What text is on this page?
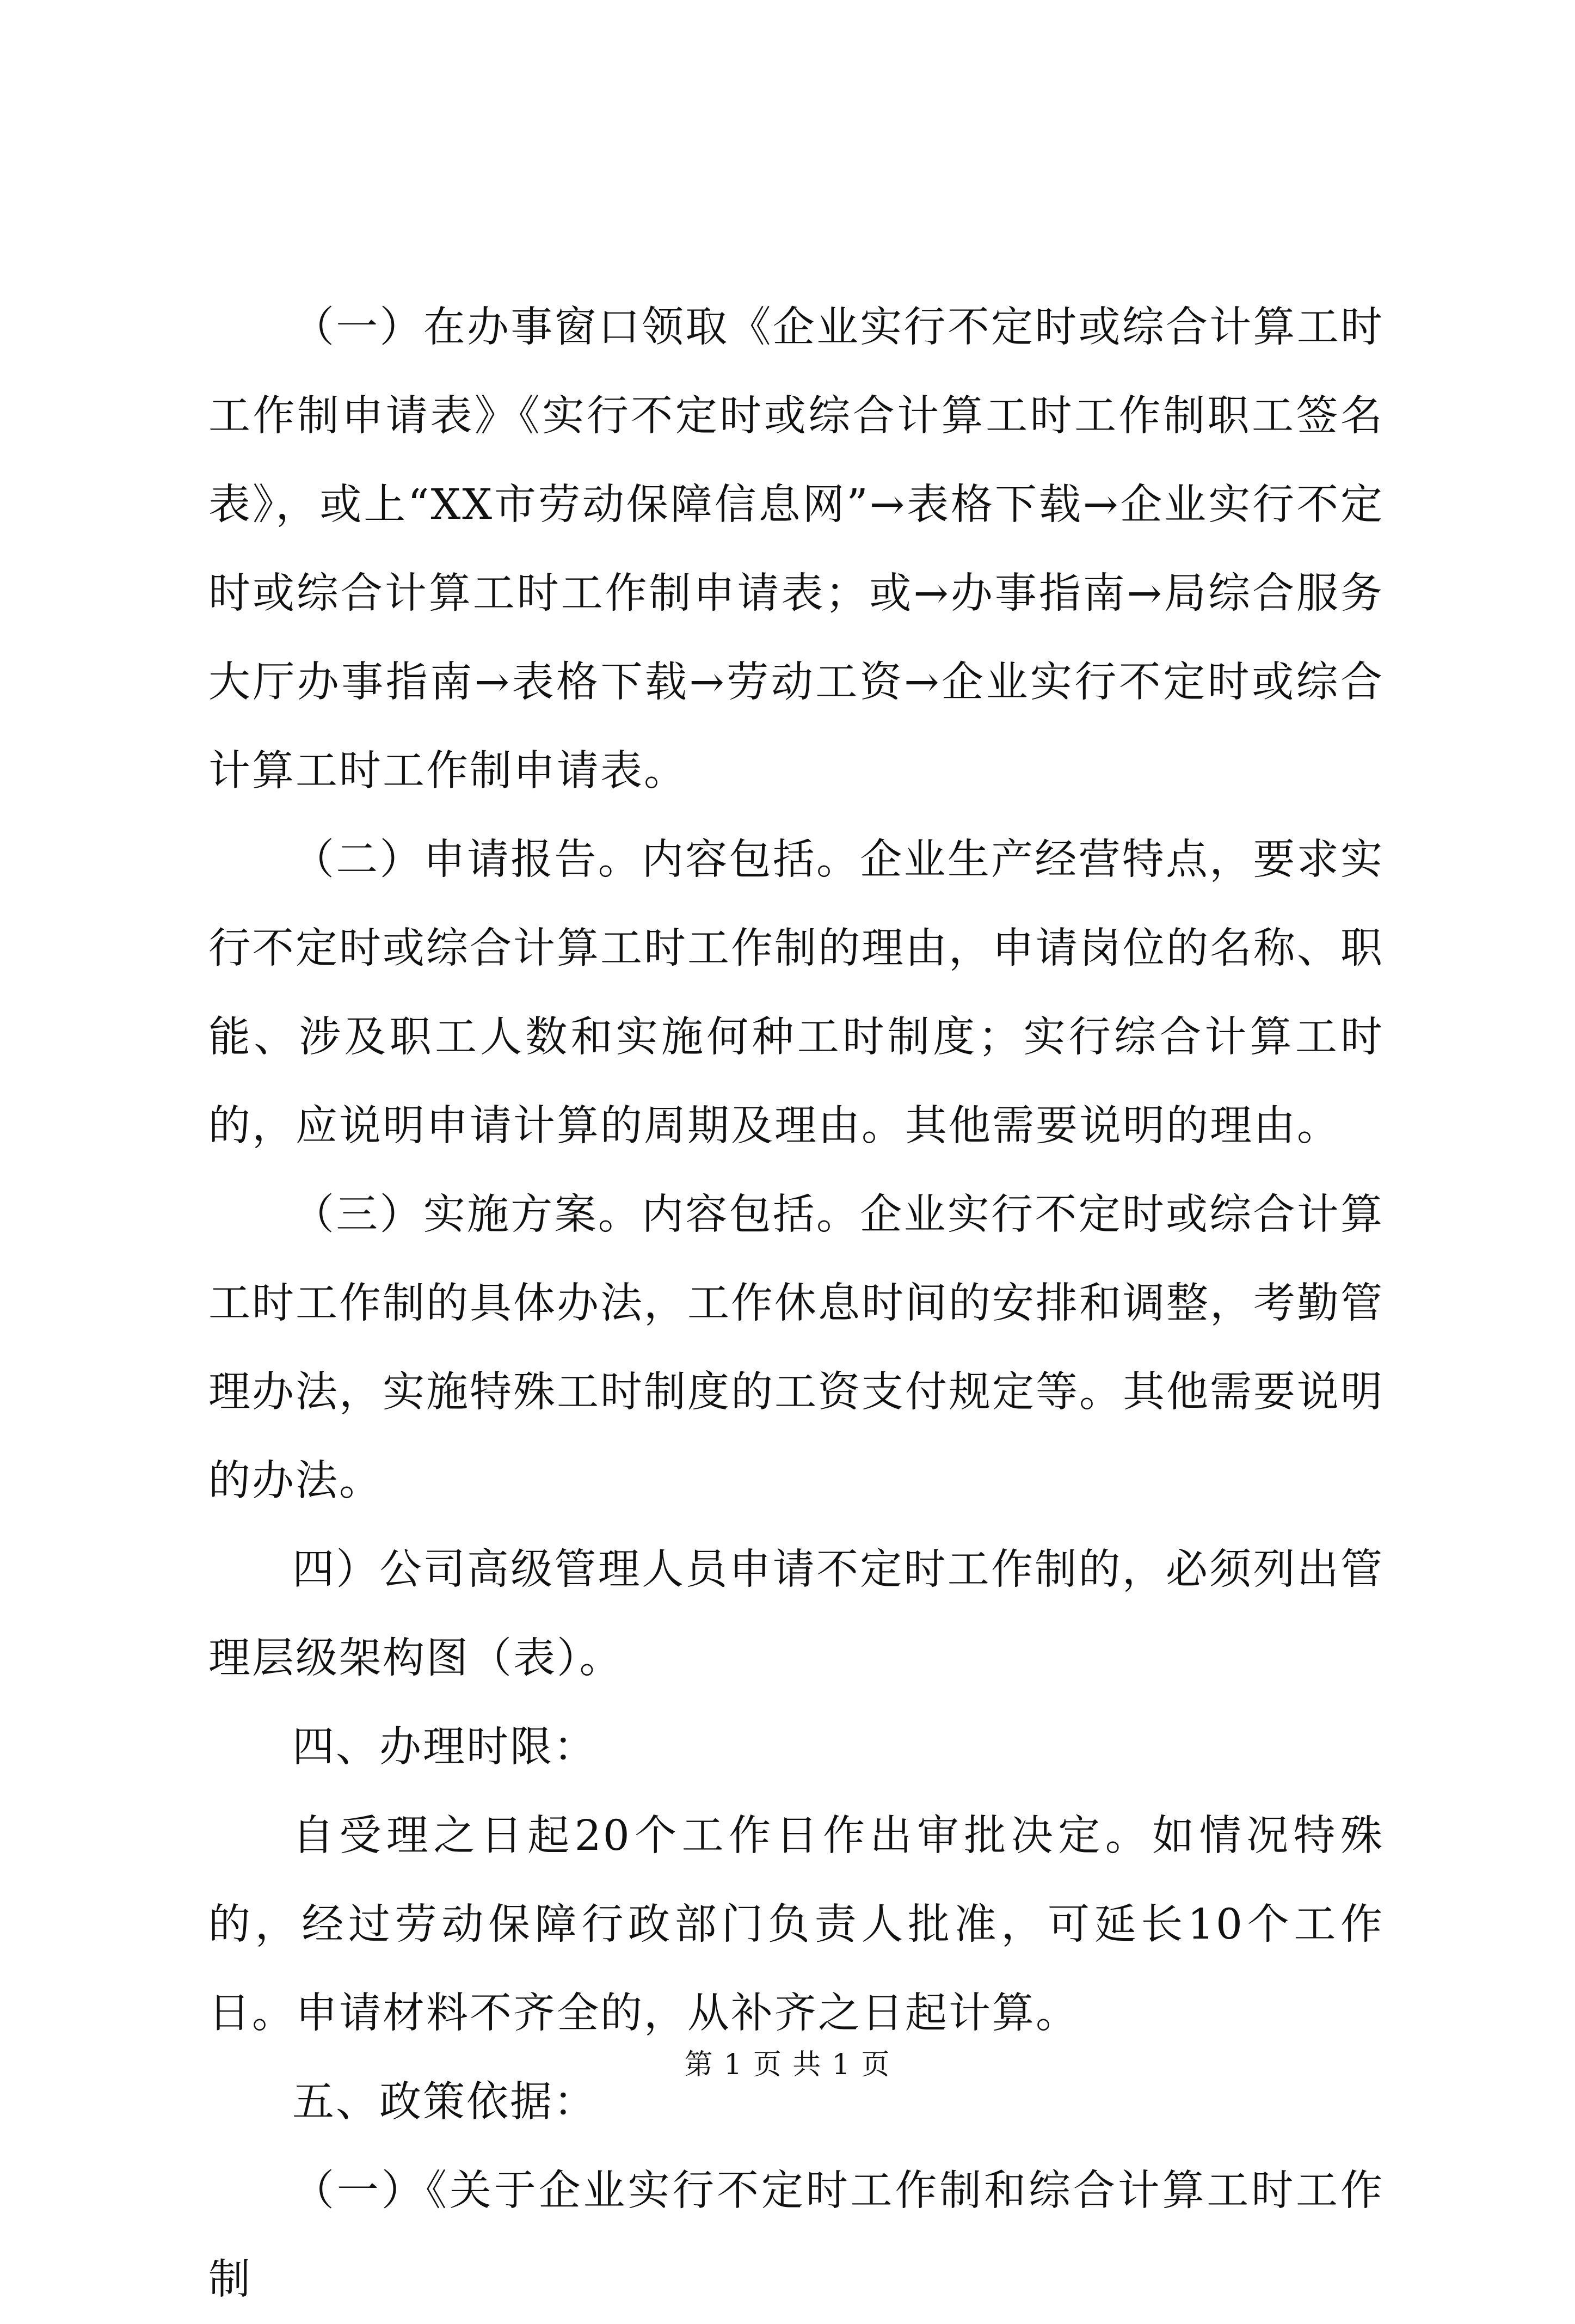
（一）在办事窗口领取《企业实行不定时或综合计算工时工作制申请表》《实行不定时或综合计算工时工作制职工签名表》，或上“XX市劳动保障信息网”→表格下载→企业实行不定时或综合计算工时工作制申请表；或→办事指南→局综合服务大厅办事指南→表格下载→劳动工资→企业实行不定时或综合计算工时工作制申请表。

（二）申请报告。内容包括。企业生产经营特点，要求实行不定时或综合计算工时工作制的理由，申请岗位的名称、职能、涉及职工人数和实施何种工时制度；实行综合计算工时的，应说明申请计算的周期及理由。其他需要说明的理由。

（三）实施方案。内容包括。企业实行不定时或综合计算工时工作制的具体办法，工作休息时间的安排和调整，考勤管理办法，实施特殊工时制度的工资支付规定等。其他需要说明的办法。

四）公司高级管理人员申请不定时工作制的，必须列出管理层级架构图（表）。

四、办理时限：

自受理之日起20个工作日作出审批决定。如情况特殊的，经过劳动保障行政部门负责人批准，可延长10个工作日。申请材料不齐全的，从补齐之日起计算。

五、政策依据：

（一）《关于企业实行不定时工作制和综合计算工时工作制

第 1 页 共 1 页
